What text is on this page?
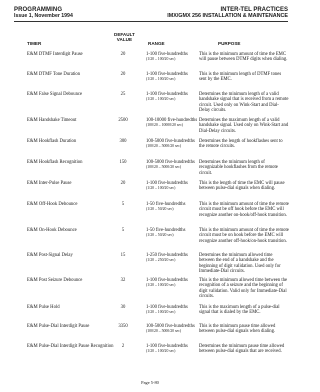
PROGRAMMING
Issue 1, November 1994
INTER-TEL PRACTICES
IMX/GMX 256 INSTALLATION & MAINTENANCE
TIMER
DEFAULT
VALUE
RANGE	PURPOSE
E&M DTMF Interdigit Pause	20	1-100 five-hundredths
(1/20 – 100/20 sec)
This is the minimum amount of time the EMC will pause between DTMF digits when dialing.
E&M DTMF Tone Duration	20	1-100 five-hundredths
(1/20 – 100/20 sec)
This is the minimum length of DTMF tones sent by the EMC.
E&M False Signal Debounce	25	1-100 five-hundredths
(1/20 – 100/20 sec)
Determines the minimum length of a valid handshake signal that is received from a remote circuit. Used only on Wink-Start and Dial-Delay circuits.
E&M Handshake Timeout	2500	100-10000 five-hundredths
(100/20 – 10000/20 sec)
Determines the maximum length of a valid handshake signal. Used only on Wink-Start and Dial-Delay circuits.
E&M Hookflash Duration	300	100-5000 five-hundredths
(100/20 – 5000/20 sec)
Determines the length of hookflashes sent to the remote circuits.
E&M Hookflash Recognition	150	100-5000 five-hundredths
(100/20 – 5000/20 sec)
Determines the minimum length of recognizable hookflashes from the remote circuit.
E&M Inter-Pulse Pause	20	1-100 five-hundredths
(1/20 – 100/20 sec)
This is the length of time the EMC will pause between pulse-dial signals when dialing.
E&M Off-Hook Debounce	5	1-50 five-hundredths
(1/20 – 50/20 sec)
This is the minimum amount of time the remote circuit must be off hook before the EMC will recognize another on-hook/off-hook transition.
E&M On-Hook Debounce	5	1-50 five-hundredths
(1/20 – 50/20 sec)
This is the minimum amount of time the remote circuit must be on hook before the EMC will recognize another off-hook/on-hook transition.
E&M Post-Signal Delay	15	1-250 five-hundredths
(1/20 – 250/20 sec)
Determines the minimum allowed time between the end of a handshake and the beginning of digit validation. Used only for Immediate-Dial circuits.
E&M Post Seizure Debounce	32	1-100 five-hundredths
(1/20 – 100/20 sec)
This is the minimum allowed time between the recognition of a seizure and the beginning of digit validation. Valid only for Immediate-Dial circuits.
E&M Pulse Hold	30	1-100 five-hundredths
(1/20 – 100/20 sec)
This is the maximum length of a pulse-dial signal that is dialed by the EMC.
E&M Pulse-Dial Interdigit Pause	3350	100-5000 five-hundredths
(100/20 – 5000/20 sec)
This is the minimum pause time allowed between pulse-dial signals when dialing.
E&M Pulse-Dial Interdigit Pause Recognition	2	1-100 five-hundredths
(1/20 – 100/20 sec)
Determines the minimum pause time allowed between pulse-dial signals that are received.
Page 5-80
